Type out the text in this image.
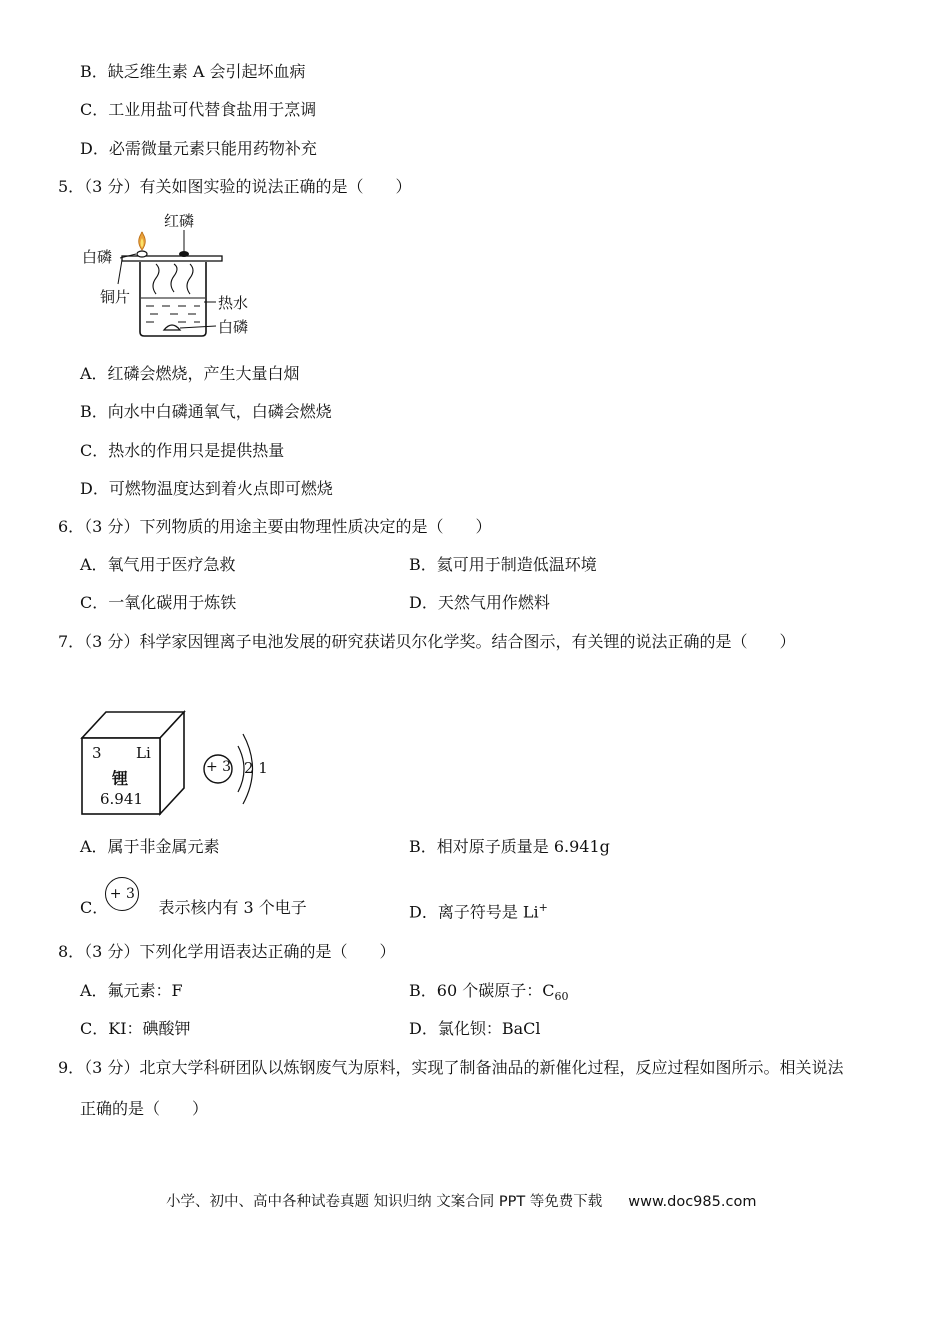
B．缺乏维生素 A 会引起坏血病
C．工业用盐可代替食盐用于烹调
D．必需微量元素只能用药物补充
5．（3 分）有关如图实验的说法正确的是（　　）
红磷
白磷
铜片	热水
白磷
A．红磷会燃烧，产生大量白烟
B．向水中白磷通氧气，白磷会燃烧
C．热水的作用只是提供热量
D．可燃物温度达到着火点即可燃烧
6．（3 分）下列物质的用途主要由物理性质决定的是（　　）
A．氧气用于医疗急救	B．氦可用于制造低温环境
C．一氧化碳用于炼铁	D．天然气用作燃料
7．（3 分）科学家因锂离子电池发展的研究获诺贝尔化学奖。结合图示，有关锂的说法正确的是（　　）
3 Li
锂
6.941
+ 3 2 1
A．属于非金属元素	B．相对原子质量是 6.941g
C．
+ 3
表示核内有 3 个电子	D．离子符号是 Li+
8．（3 分）下列化学用语表达正确的是（　　）
A．氟元素：F	B．60 个碳原子：$C_{60}$
C．KI：碘酸钾	D．氯化钡：BaCl
9．（3 分）北京大学科研团队以炼钢废气为原料，实现了制备油品的新催化过程，反应过程如图所示。相关说法
正确的是（　　）
小学、初中、高中各种试卷真题 知识归纳 文案合同 PPT 等免费下载 www.doc985.com
